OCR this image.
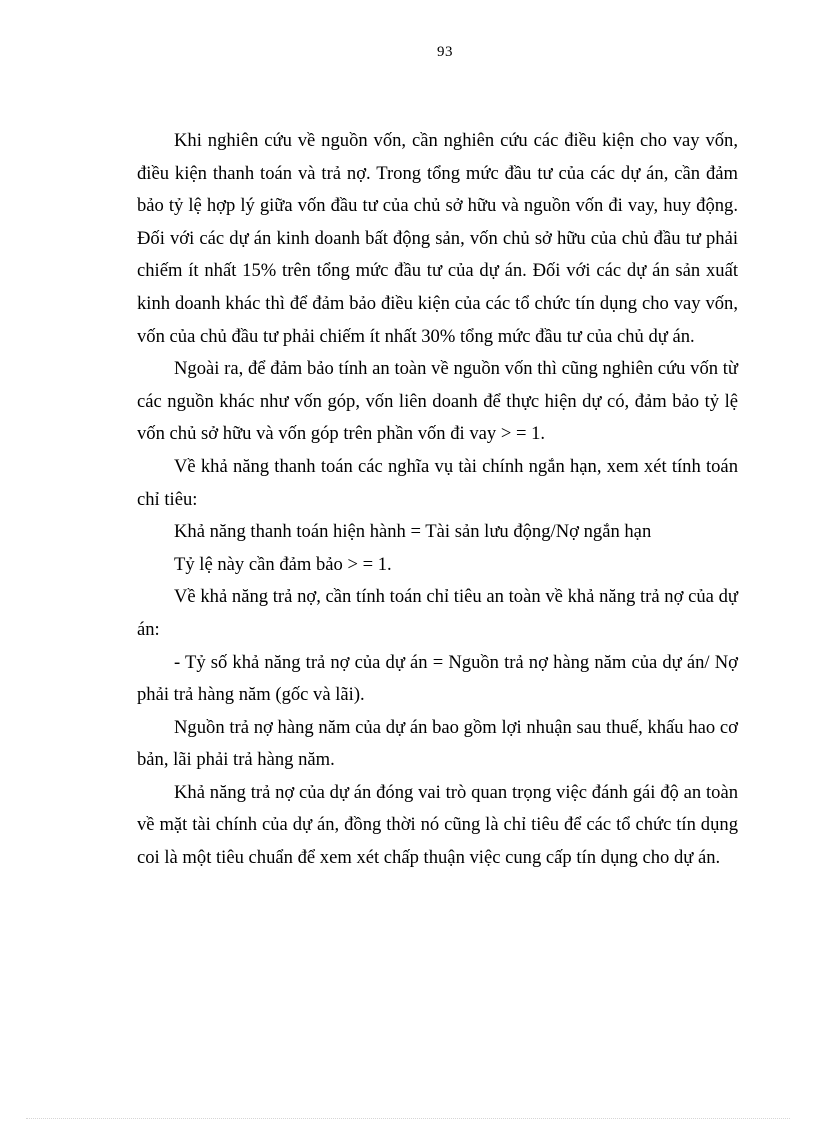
93

Khi nghiên cứu về nguồn vốn, cần nghiên cứu các điều kiện cho vay vốn, điều kiện thanh toán và trả nợ. Trong tổng mức đầu tư của các dự án, cần đảm bảo tỷ lệ hợp lý giữa vốn đầu tư của chủ sở hữu và nguồn vốn đi vay, huy động. Đối với các dự án kinh doanh bất động sản, vốn chủ sở hữu của chủ đầu tư phải chiếm ít nhất 15% trên tổng mức đầu tư của dự án. Đối với các dự án sản xuất kinh doanh khác thì để đảm bảo điều kiện của các tổ chức tín dụng cho vay vốn, vốn của chủ đầu tư phải chiếm ít nhất 30% tổng mức đầu tư của chủ dự án.

Ngoài ra, để đảm bảo tính an toàn về nguồn vốn thì cũng nghiên cứu vốn từ các nguồn khác như vốn góp, vốn liên doanh để thực hiện dự có, đảm bảo tỷ lệ vốn chủ sở hữu và vốn góp trên phần vốn đi vay > = 1.

Về khả năng thanh toán các nghĩa vụ tài chính ngắn hạn, xem xét tính toán chỉ tiêu:

Khả năng thanh toán hiện hành = Tài sản lưu động/Nợ ngắn hạn

Tỷ lệ này cần đảm bảo > = 1.

Về khả năng trả nợ, cần tính toán chỉ tiêu an toàn về khả năng trả nợ của dự án:

- Tỷ số khả năng trả nợ của dự án = Nguồn trả nợ hàng năm của dự án/ Nợ phải trả hàng năm (gốc và lãi).

Nguồn trả nợ hàng năm của dự án bao gồm lợi nhuận sau thuế, khấu hao cơ bản, lãi phải trả hàng năm.

Khả năng trả nợ của dự án đóng vai trò quan trọng việc đánh gái độ an toàn về mặt tài chính của dự án, đồng thời nó cũng là chỉ tiêu để các tổ chức tín dụng coi là một tiêu chuẩn để xem xét chấp thuận việc cung cấp tín dụng cho dự án.
